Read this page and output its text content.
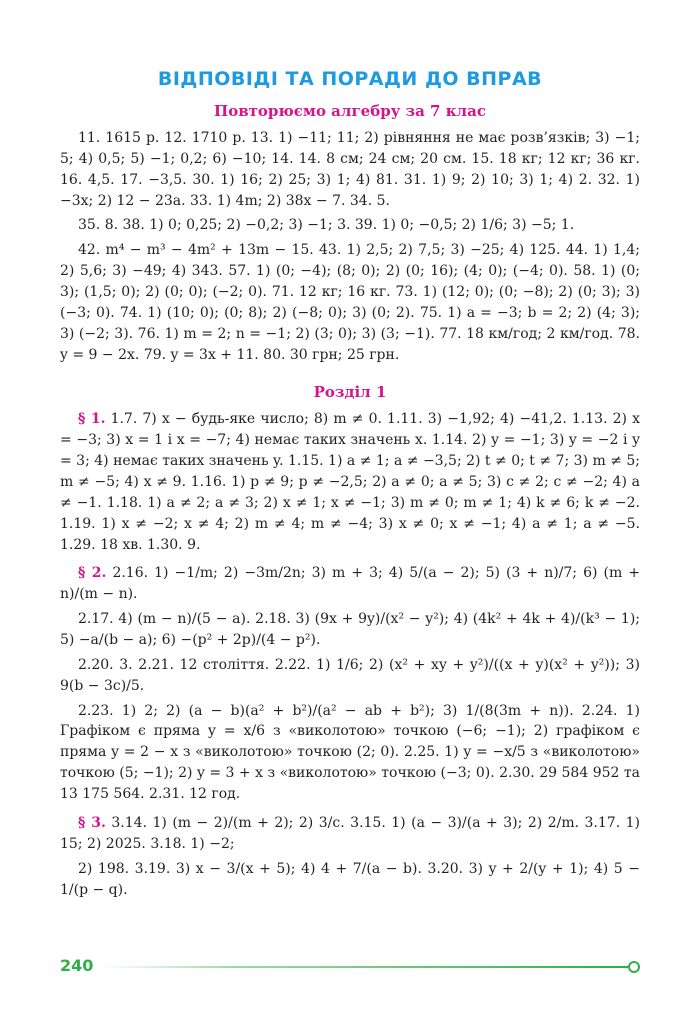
ВІДПОВІДІ ТА ПОРАДИ ДО ВПРАВ
Повторюємо алгебру за 7 клас

11. 1615 р. 12. 1710 р. 13. 1) −11; 11; 2) рівняння не має розв’язків; 3) −1; 5; 4) 0,5; 5) −1; 0,2; 6) −10; 14. 14. 8 см; 24 см; 20 см. 15. 18 кг; 12 кг; 36 кг. 16. 4,5. 17. −3,5. 30. 1) 16; 2) 25; 3) 1; 4) 81. 31. 1) 9; 2) 10; 3) 1; 4) 2. 32. 1) −3x; 2) 12 − 23a. 33. 1) 4m; 2) 38x − 7. 34. 5.

35. 8. 38. 1) 0; 0,25; 2) −0,2; 3) −1; 3. 39. 1) 0; −0,5; 2) 1/6; 3) −5; 1.

42. m⁴ − m³ − 4m² + 13m − 15. 43. 1) 2,5; 2) 7,5; 3) −25; 4) 125. 44. 1) 1,4; 2) 5,6; 3) −49; 4) 343. 57. 1) (0; −4); (8; 0); 2) (0; 16); (4; 0); (−4; 0). 58. 1) (0; 3); (1,5; 0); 2) (0; 0); (−2; 0). 71. 12 кг; 16 кг. 73. 1) (12; 0); (0; −8); 2) (0; 3); 3) (−3; 0). 74. 1) (10; 0); (0; 8); 2) (−8; 0); 3) (0; 2). 75. 1) a = −3; b = 2; 2) (4; 3); 3) (−2; 3). 76. 1) m = 2; n = −1; 2) (3; 0); 3) (3; −1). 77. 18 км/год; 2 км/год. 78. y = 9 − 2x. 79. y = 3x + 11. 80. 30 грн; 25 грн.

Розділ 1

§ 1. 1.7. 7) x − будь-яке число; 8) m ≠ 0. 1.11. 3) −1,92; 4) −41,2. 1.13. 2) x = −3; 3) x = 1 і x = −7; 4) немає таких значень x. 1.14. 2) y = −1; 3) y = −2 і y = 3; 4) немає таких значень y. 1.15. 1) a ≠ 1; a ≠ −3,5; 2) t ≠ 0; t ≠ 7; 3) m ≠ 5; m ≠ −5; 4) x ≠ 9. 1.16. 1) p ≠ 9; p ≠ −2,5; 2) a ≠ 0; a ≠ 5; 3) c ≠ 2; c ≠ −2; 4) a ≠ −1. 1.18. 1) a ≠ 2; a ≠ 3; 2) x ≠ 1; x ≠ −1; 3) m ≠ 0; m ≠ 1; 4) k ≠ 6; k ≠ −2. 1.19. 1) x ≠ −2; x ≠ 4; 2) m ≠ 4; m ≠ −4; 3) x ≠ 0; x ≠ −1; 4) a ≠ 1; a ≠ −5. 1.29. 18 хв. 1.30. 9.

§ 2. 2.16. 1) −1/m; 2) −3m/2n; 3) m + 3; 4) 5/(a − 2); 5) (3 + n)/7; 6) (m + n)/(m − n).

2.17. 4) (m − n)/(5 − a). 2.18. 3) (9x + 9y)/(x² − y²); 4) (4k² + 4k + 4)/(k³ − 1); 5) −a/(b − a); 6) −(p² + 2p)/(4 − p²).

2.20. 3. 2.21. 12 століття. 2.22. 1) 1/6; 2) (x² + xy + y²)/((x + y)(x² + y²)); 3) 9(b − 3c)/5.

2.23. 1) 2; 2) (a − b)(a² + b²)/(a² − ab + b²); 3) 1/(8(3m + n)). 2.24. 1) Графіком є пряма y = x/6 з «виколотою» точкою (−6; −1); 2) графіком є пряма y = 2 − x з «виколотою» точкою (2; 0). 2.25. 1) y = −x/5 з «виколотою» точкою (5; −1); 2) y = 3 + x з «виколотою» точкою (−3; 0). 2.30. 29 584 952 та 13 175 564. 2.31. 12 год.

§ 3. 3.14. 1) (m − 2)/(m + 2); 2) 3/c. 3.15. 1) (a − 3)/(a + 3); 2) 2/m. 3.17. 1) 15; 2) 2025. 3.18. 1) −2;

2) 198. 3.19. 3) x − 3/(x + 5); 4) 4 + 7/(a − b). 3.20. 3) y + 2/(y + 1); 4) 5 − 1/(p − q).

240
